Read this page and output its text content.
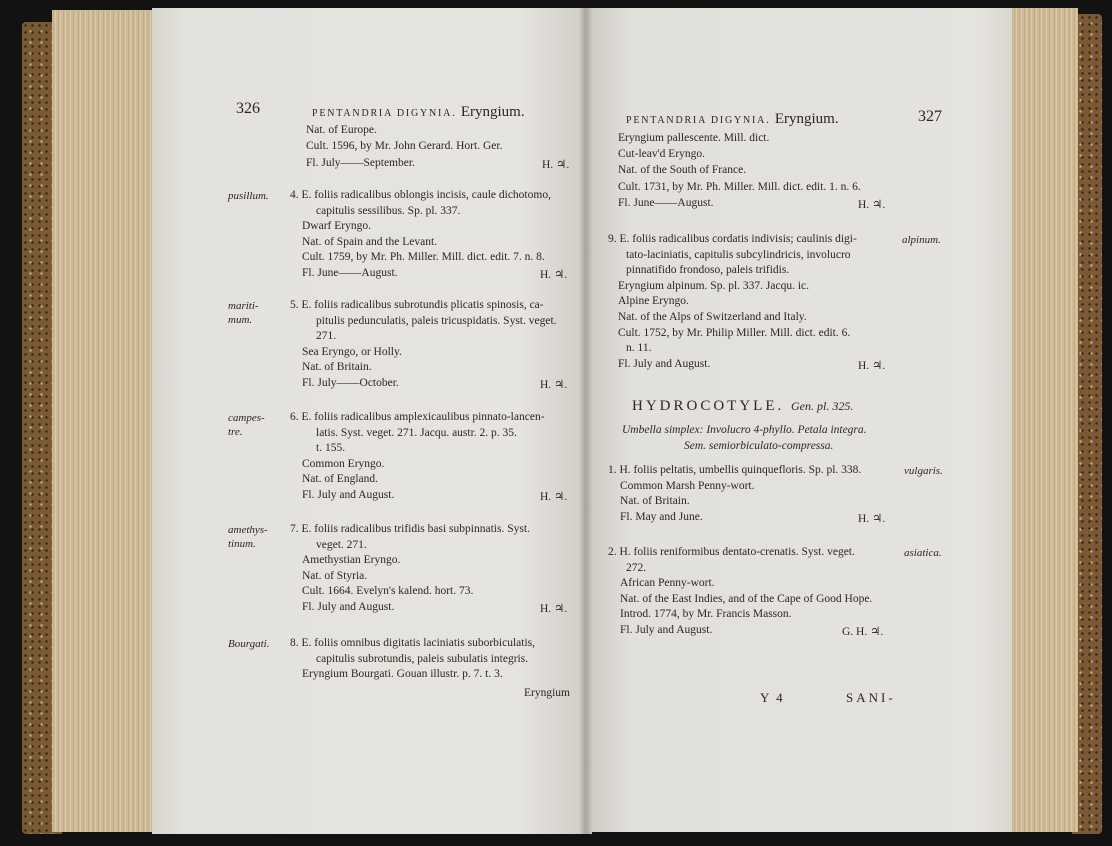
326	PENTANDRIA DIGYNIA. Eryngium.
PENTANDRIA DIGYNIA. Eryngium.	327
Eryngium
HYDROCOTYLE. Gen. pl. 325.
Umbella simplex: Involucro 4-phyllo. Petala integra.
Sem. semiorbiculato-compressa.
Y 4	SANI-
Nat. of Europe.
Cult. 1596, by Mr. John Gerard. Hort. Ger.
Fl. July——September.	H. ♃.
pusillum. 4. E. foliis radicalibus oblongis incisis, caule dichotomo,
capitulis sessilibus. Sp. pl. 337.
Dwarf Eryngo.
Nat. of Spain and the Levant.
Cult. 1759, by Mr. Ph. Miller. Mill. dict. edit. 7. n. 8.
Fl. June——August.	H. ♃.
mariti-
mum.
5. E. foliis radicalibus subrotundis plicatis spinosis, ca-
pitulis pedunculatis, paleis tricuspidatis. Syst. veget.
271.
Sea Eryngo, or Holly.
Nat. of Britain.
Fl. July——October.	H. ♃.
campes-
tre.
6. E. foliis radicalibus amplexicaulibus pinnato-lancen-
latis. Syst. veget. 271. Jacqu. austr. 2. p. 35.
t. 155.
Common Eryngo.
Nat. of England.
Fl. July and August.	H. ♃.
amethys-
tinum.
7. E. foliis radicalibus trifidis basi subpinnatis. Syst.
veget. 271.
Amethystian Eryngo.
Nat. of Styria.
Cult. 1664. Evelyn's kalend. hort. 73.
Fl. July and August.	H. ♃.
Bourgati. 8. E. foliis omnibus digitatis laciniatis suborbiculatis,
capitulis subrotundis, paleis subulatis integris.
Eryngium Bourgati. Gouan illustr. p. 7. t. 3.
Eryngium pallescente. Mill. dict.
Cut-leav'd Eryngo.
Nat. of the South of France.
Cult. 1731, by Mr. Ph. Miller. Mill. dict. edit. 1. n. 6.
Fl. June——August.	H. ♃.
alpinum.
9. E. foliis radicalibus cordatis indivisis; caulinis digi-
tato-laciniatis, capitulis subcylindricis, involucro
pinnatifido frondoso, paleis trifidis.
Eryngium alpinum. Sp. pl. 337. Jacqu. ic.
Alpine Eryngo.
Nat. of the Alps of Switzerland and Italy.
Cult. 1752, by Mr. Philip Miller. Mill. dict. edit. 6.
n. 11.
Fl. July and August.	H. ♃.
vulgaris.
1. H. foliis peltatis, umbellis quinquefloris. Sp. pl. 338.
Common Marsh Penny-wort.
Nat. of Britain.
Fl. May and June.	H. ♃.
asiatica.
2. H. foliis reniformibus dentato-crenatis. Syst. veget.
272.
African Penny-wort.
Nat. of the East Indies, and of the Cape of Good Hope.
Introd. 1774, by Mr. Francis Masson.
Fl. July and August.	G. H. ♃.
